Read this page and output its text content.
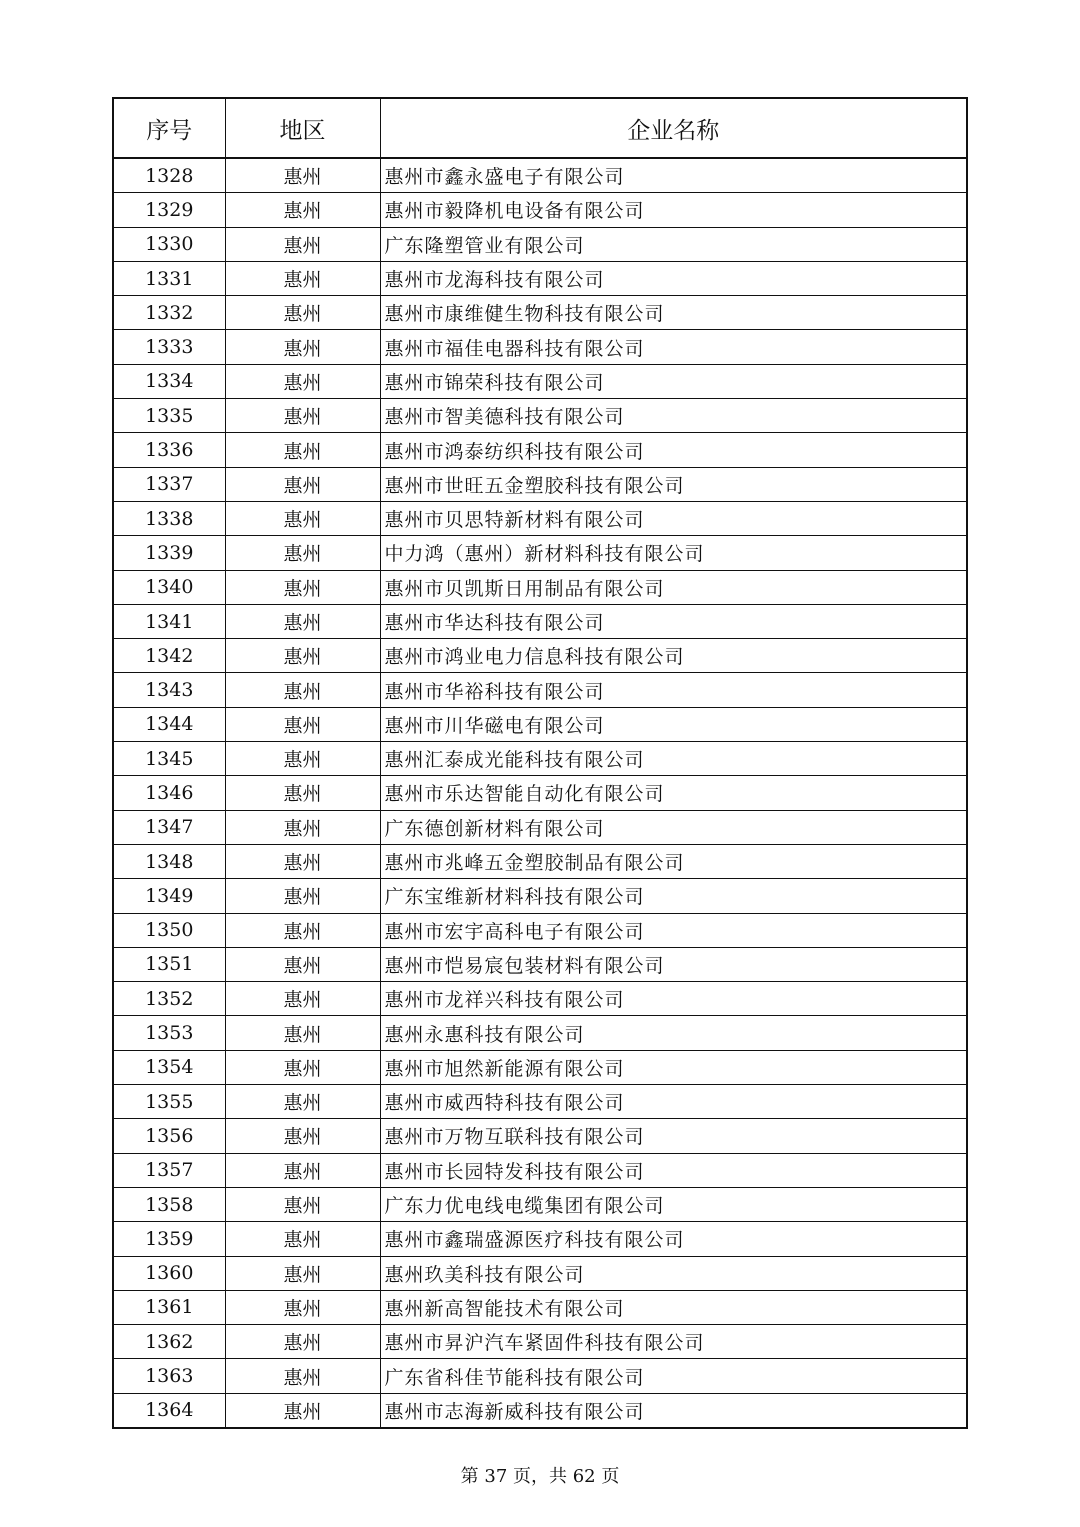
序号	地区	企业名称
1328	惠州	惠州市鑫永盛电子有限公司
1329	惠州	惠州市毅降机电设备有限公司
1330	惠州	广东隆塑管业有限公司
1331	惠州	惠州市龙海科技有限公司
1332	惠州	惠州市康维健生物科技有限公司
1333	惠州	惠州市福佳电器科技有限公司
1334	惠州	惠州市锦荣科技有限公司
1335	惠州	惠州市智美德科技有限公司
1336	惠州	惠州市鸿泰纺织科技有限公司
1337	惠州	惠州市世旺五金塑胶科技有限公司
1338	惠州	惠州市贝思特新材料有限公司
1339	惠州	中力鸿（惠州）新材料科技有限公司
1340	惠州	惠州市贝凯斯日用制品有限公司
1341	惠州	惠州市华达科技有限公司
1342	惠州	惠州市鸿业电力信息科技有限公司
1343	惠州	惠州市华裕科技有限公司
1344	惠州	惠州市川华磁电有限公司
1345	惠州	惠州汇泰成光能科技有限公司
1346	惠州	惠州市乐达智能自动化有限公司
1347	惠州	广东德创新材料有限公司
1348	惠州	惠州市兆峰五金塑胶制品有限公司
1349	惠州	广东宝维新材料科技有限公司
1350	惠州	惠州市宏宇高科电子有限公司
1351	惠州	惠州市恺易宸包装材料有限公司
1352	惠州	惠州市龙祥兴科技有限公司
1353	惠州	惠州永惠科技有限公司
1354	惠州	惠州市旭然新能源有限公司
1355	惠州	惠州市威西特科技有限公司
1356	惠州	惠州市万物互联科技有限公司
1357	惠州	惠州市长园特发科技有限公司
1358	惠州	广东力优电线电缆集团有限公司
1359	惠州	惠州市鑫瑞盛源医疗科技有限公司
1360	惠州	惠州玖美科技有限公司
1361	惠州	惠州新高智能技术有限公司
1362	惠州	惠州市昇沪汽车紧固件科技有限公司
1363	惠州	广东省科佳节能科技有限公司
1364	惠州	惠州市志海新威科技有限公司
第 37 页，共 62 页
